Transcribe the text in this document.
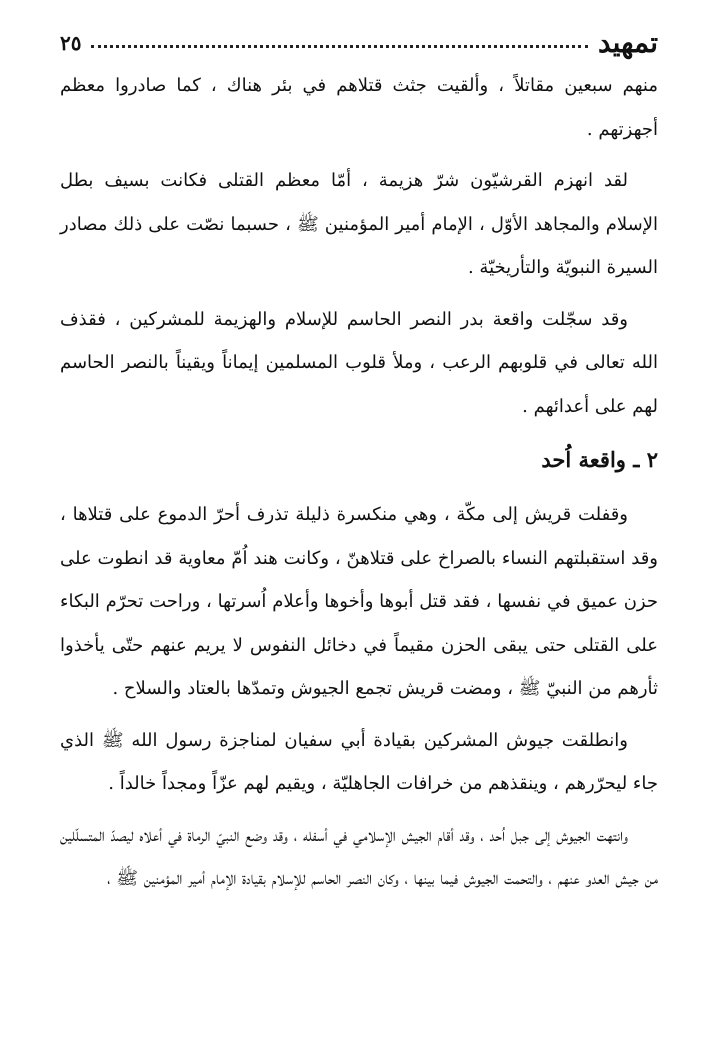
تمهيد
٢٥

منهم سبعين مقاتلاً ، وألقيت جثث قتلاهم في بئر هناك ، كما صادروا معظم أجهزتهم .

لقد انهزم القرشيّون شرّ هزيمة ، أمّا معظم القتلى فكانت بسيف بطل الإسلام والمجاهد الأوّل ، الإمام أمير المؤمنين ﷺ ، حسبما نصّت على ذلك مصادر السيرة النبويّة والتأريخيّة .

وقد سجّلت واقعة بدر النصر الحاسم للإسلام والهزيمة للمشركين ، فقذف الله تعالى في قلوبهم الرعب ، وملأ قلوب المسلمين إيماناً ويقيناً بالنصر الحاسم لهم على أعدائهم .

٢ ـ واقعة اُحد

وقفلت قريش إلى مكّة ، وهي منكسرة ذليلة تذرف أحرّ الدموع على قتلاها ، وقد استقبلتهم النساء بالصراخ على قتلاهنّ ، وكانت هند اُمّ معاوية قد انطوت على حزن عميق في نفسها ، فقد قتل أبوها وأخوها وأعلام اُسرتها ، وراحت تحرّم البكاء على القتلى حتى يبقى الحزن مقيماً في دخائل النفوس لا يريم عنهم حتّى يأخذوا ثأرهم من النبيّ ﷺ ، ومضت قريش تجمع الجيوش وتمدّها بالعتاد والسلاح .

وانطلقت جيوش المشركين بقيادة أبي سفيان لمناجزة رسول الله ﷺ الذي جاء ليحرّرهم ، وينقذهم من خرافات الجاهليّة ، ويقيم لهم عزّاً ومجداً خالداً .

وانتهت الجيوش إلى جبل اُحد ، وقد أقام الجيش الإسلامي في أسفله ، وقد وضع النبيّ الرماة في أعلاه ليصدّ المتسلّلين من جيش العدو عنهم ، والتحمت الجيوش فيما بينها ، وكان النصر الحاسم للإسلام بقيادة الإمام أمير المؤمنين ﷺ ،
